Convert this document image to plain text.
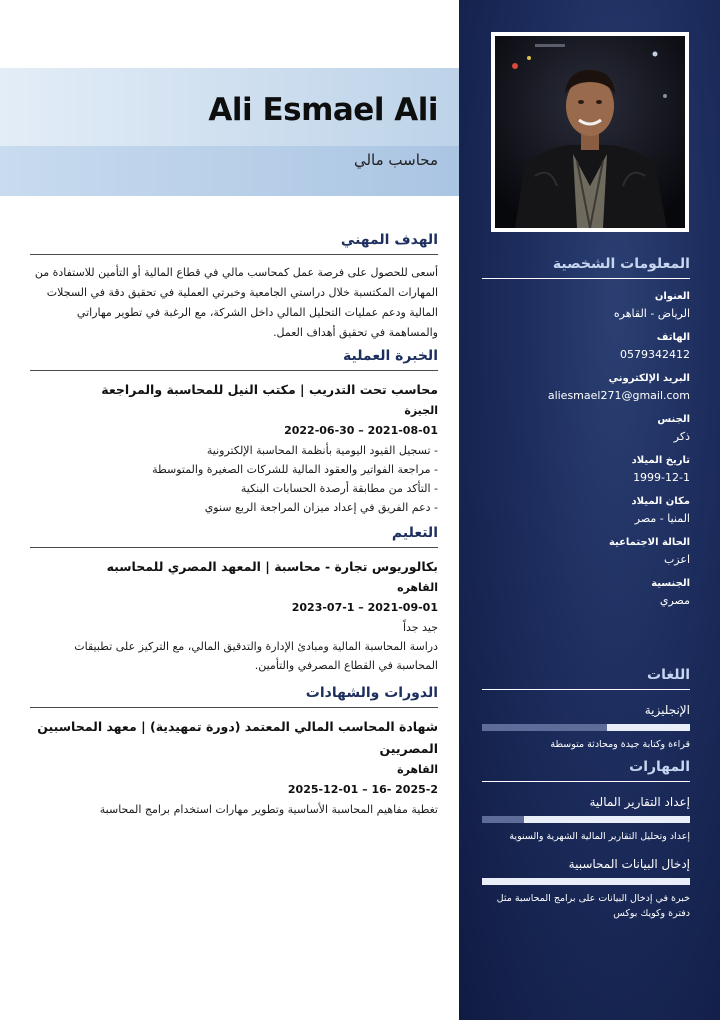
Ali Esmael Ali
محاسب مالي
الهدف المهني
أسعى للحصول على فرصة عمل كمحاسب مالي في قطاع المالية أو التأمين للاستفادة من المهارات المكتسبة خلال دراستي الجامعية وخبرتي العملية في تحقيق دقة في السجلات المالية ودعم عمليات التحليل المالي داخل الشركة، مع الرغبة في تطوير مهاراتي والمساهمة في تحقيق أهداف العمل.
الخبرة العملية
محاسب تحت التدريب | مكتب النيل للمحاسبة والمراجعة
الجيزة
2021-08-01 – 2022-06-30
- تسجيل القيود اليومية بأنظمة المحاسبة الإلكترونية
- مراجعة الفواتير والعقود المالية للشركات الصغيرة والمتوسطة
- التأكد من مطابقة أرصدة الحسابات البنكية
- دعم الفريق في إعداد ميزان المراجعة الربع سنوي
التعليم
بكالوريوس تجارة - محاسبة | المعهد المصري للمحاسبه
القاهره
2021-09-01 – 2023-07-1
جيد جداً
دراسة المحاسبة المالية ومبادئ الإدارة والتدقيق المالي، مع التركيز على تطبيقات المحاسبة في القطاع المصرفي والتأمين.
الدورات والشهادات
شهادة المحاسب المالي المعتمد (دورة تمهيدية) | معهد المحاسبين المصريين
القاهرة
2025-2 -16 – 2025-12-01
تغطية مفاهيم المحاسبة الأساسية وتطوير مهارات استخدام برامج المحاسبة
المعلومات الشخصية
العنوان
الرياض - القاهره
الهاتف
0579342412
البريد الإلكتروني
aliesmael271@gmail.com
الجنس
ذكر
تاريخ الميلاد
1999-12-1
مكان الميلاد
المنيا - مصر
الحالة الاجتماعية
اعزب
الجنسية
مصري
اللغات
الإنجليزية
قراءة وكتابة جيدة ومحادثة متوسطة
المهارات
إعداد التقارير المالية
إعداد وتحليل التقارير المالية الشهرية والسنوية
إدخال البيانات المحاسبية
خبرة في إدخال البيانات على برامج المحاسبة مثل دفترة وكويك بوكس
